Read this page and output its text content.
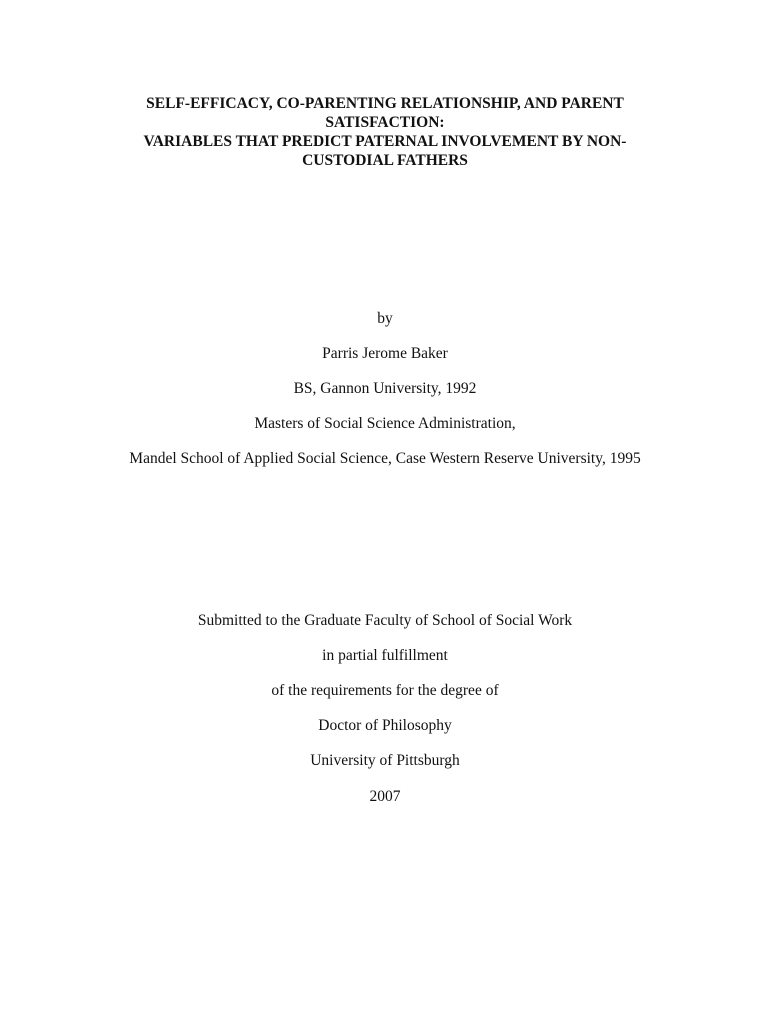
SELF-EFFICACY, CO-PARENTING RELATIONSHIP, AND PARENT
SATISFACTION:
VARIABLES THAT PREDICT PATERNAL INVOLVEMENT BY NON-
CUSTODIAL FATHERS
by
Parris Jerome Baker
BS, Gannon University, 1992
Masters of Social Science Administration,
Mandel School of Applied Social Science, Case Western Reserve University, 1995
Submitted to the Graduate Faculty of School of Social Work
in partial fulfillment
of the requirements for the degree of
Doctor of Philosophy
University of Pittsburgh
2007
